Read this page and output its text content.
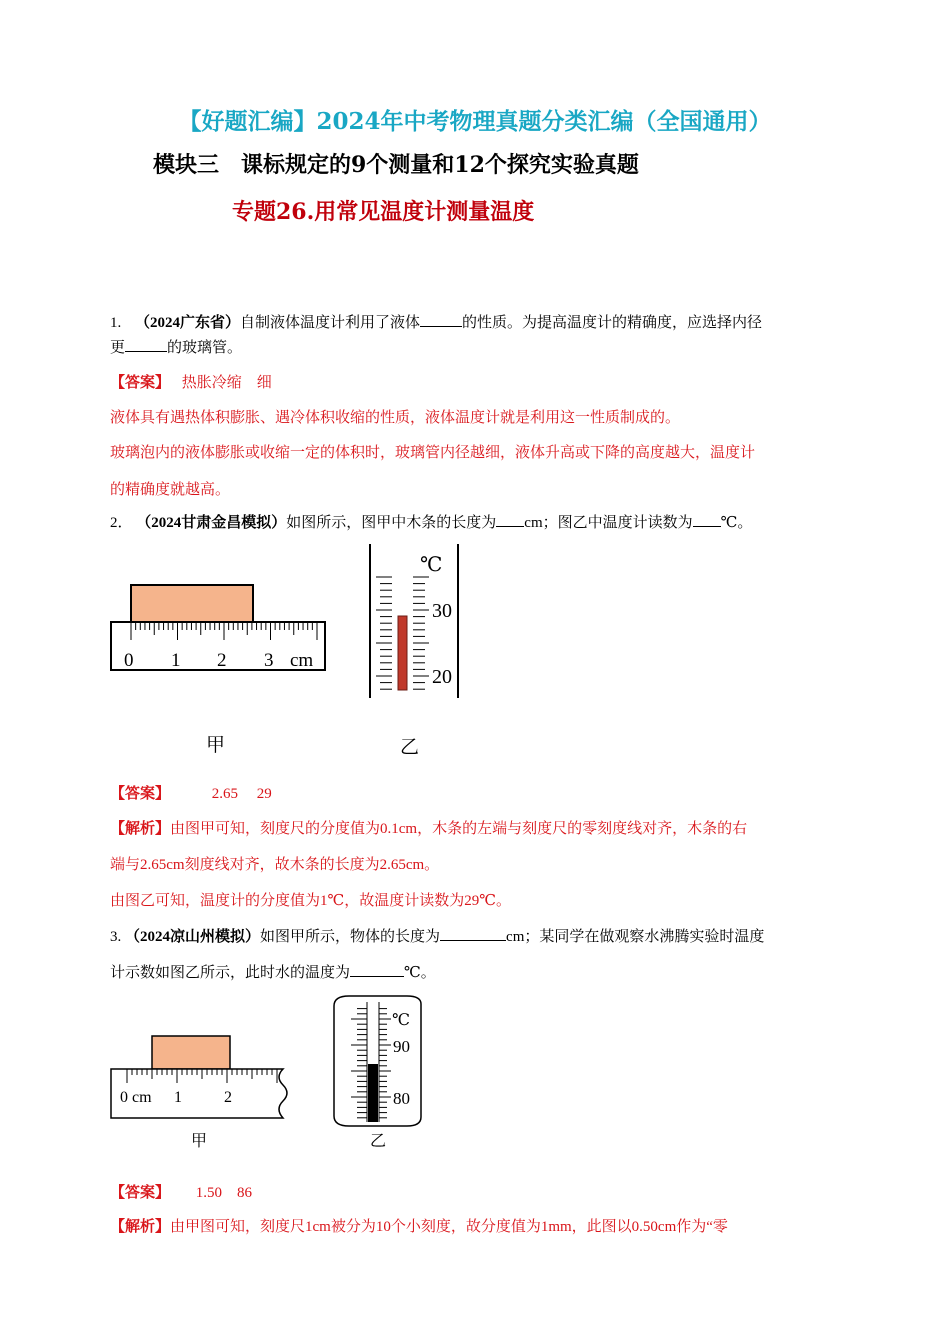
【好题汇编】2024年中考物理真题分类汇编（全国通用）
模块三　课标规定的9个测量和12个探究实验真题
专题26.用常见温度计测量温度
1. （2024广东省）自制液体温度计利用了液体	的性质。为提高温度计的精确度，应选择内径
更	的玻璃管。
【答案】 热胀冷缩　细
液体具有遇热体积膨胀、遇冷体积收缩的性质，液体温度计就是利用这一性质制成的。
玻璃泡内的液体膨胀或收缩一定的体积时，玻璃管内径越细，液体升高或下降的高度越大，温度计
的精确度就越高。
2． （2024甘肃金昌模拟）如图所示，图甲中木条的长度为 cm；图乙中温度计读数为 ℃。
0 1 2 3 cm
℃
30
20
甲	乙
【答案】	2.65　 29
【解析】由图甲可知，刻度尺的分度值为0.1cm，木条的左端与刻度尺的零刻度线对齐，木条的右
端与2.65cm刻度线对齐，故木条的长度为2.65cm。
由图乙可知，温度计的分度值为1℃，故温度计读数为29℃。
3. （2024凉山州模拟）如图甲所示，物体的长度为	cm；某同学在做观察水沸腾实验时温度
计示数如图乙所示，此时水的温度为	℃。
0 cm 1	2
℃
90
80
甲	乙
【答案】 1.50　86
【解析】由甲图可知，刻度尺1cm被分为10个小刻度，故分度值为1mm，此图以0.50cm作为“零
